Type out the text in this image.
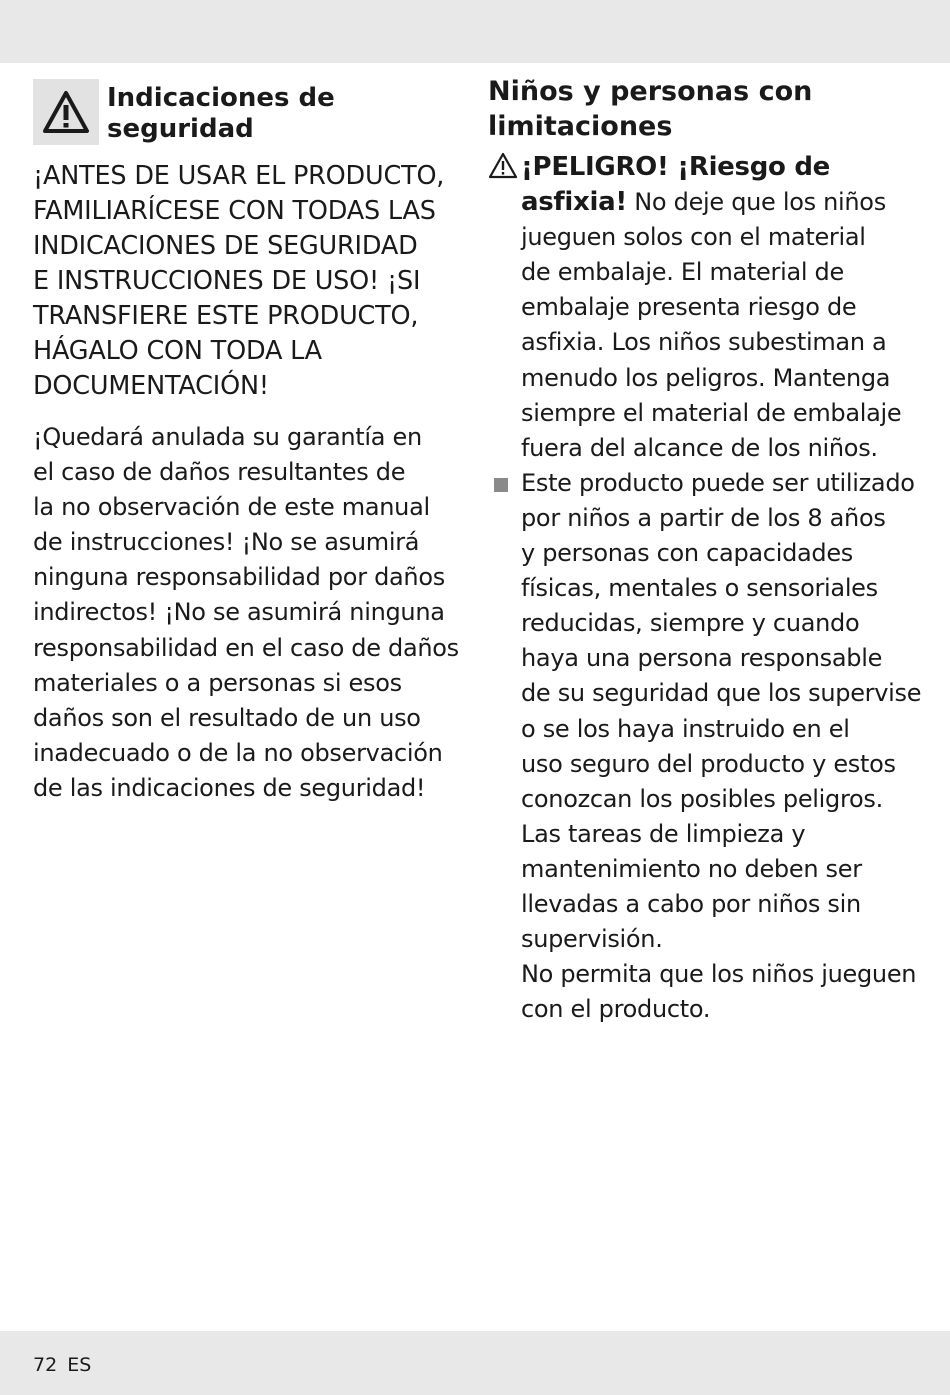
Indicaciones de
seguridad
¡ANTES DE USAR EL PRODUCTO,
FAMILIARÍCESE CON TODAS LAS
INDICACIONES DE SEGURIDAD
E INSTRUCCIONES DE USO! ¡SI
TRANSFIERE ESTE PRODUCTO,
HÁGALO CON TODA LA
DOCUMENTACIÓN!
¡Quedará anulada su garantía en
el caso de daños resultantes de
la no observación de este manual
de instrucciones! ¡No se asumirá
ninguna responsabilidad por daños
indirectos! ¡No se asumirá ninguna
responsabilidad en el caso de daños
materiales o a personas si esos
daños son el resultado de un uso
inadecuado o de la no observación
de las indicaciones de seguridad!
Niños y personas con
limitaciones
¡PELIGRO! ¡Riesgo de
asfixia! No deje que los niños
jueguen solos con el material
de embalaje. El material de
embalaje presenta riesgo de
asfixia. Los niños subestiman a
menudo los peligros. Mantenga
siempre el material de embalaje
fuera del alcance de los niños.
Este producto puede ser utilizado
por niños a partir de los 8 años
y personas con capacidades
físicas, mentales o sensoriales
reducidas, siempre y cuando
haya una persona responsable
de su seguridad que los supervise
o se los haya instruido en el
uso seguro del producto y estos
conozcan los posibles peligros.
Las tareas de limpieza y
mantenimiento no deben ser
llevadas a cabo por niños sin
supervisión.
No permita que los niños jueguen
con el producto.
72 ES
